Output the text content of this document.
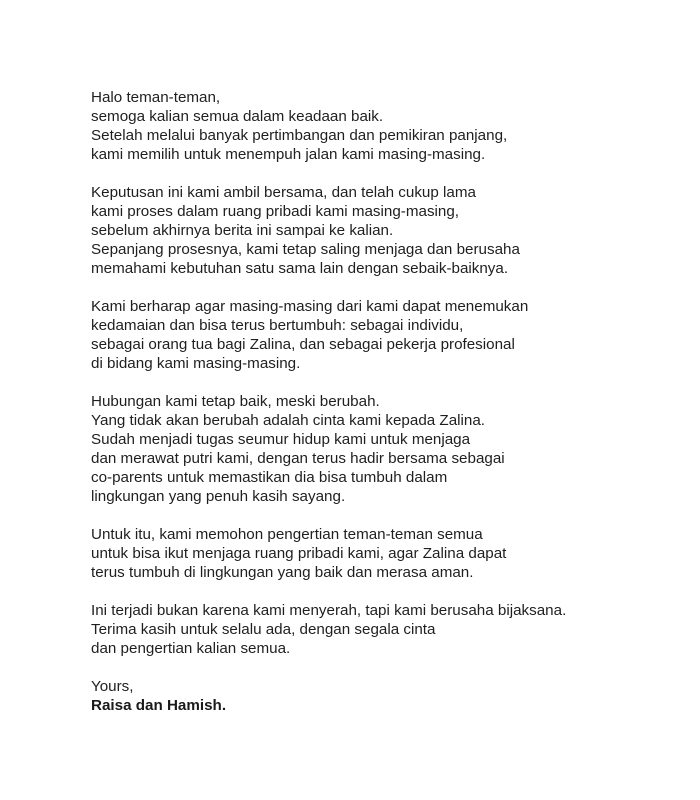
Halo teman-teman,
semoga kalian semua dalam keadaan baik.
Setelah melalui banyak pertimbangan dan pemikiran panjang,
kami memilih untuk menempuh jalan kami masing-masing.
Keputusan ini kami ambil bersama, dan telah cukup lama
kami proses dalam ruang pribadi kami masing-masing,
sebelum akhirnya berita ini sampai ke kalian.
Sepanjang prosesnya, kami tetap saling menjaga dan berusaha
memahami kebutuhan satu sama lain dengan sebaik-baiknya.
Kami berharap agar masing-masing dari kami dapat menemukan
kedamaian dan bisa terus bertumbuh: sebagai individu,
sebagai orang tua bagi Zalina, dan sebagai pekerja profesional
di bidang kami masing-masing.
Hubungan kami tetap baik, meski berubah.
Yang tidak akan berubah adalah cinta kami kepada Zalina.
Sudah menjadi tugas seumur hidup kami untuk menjaga
dan merawat putri kami, dengan terus hadir bersama sebagai
co-parents untuk memastikan dia bisa tumbuh dalam
lingkungan yang penuh kasih sayang.
Untuk itu, kami memohon pengertian teman-teman semua
untuk bisa ikut menjaga ruang pribadi kami, agar Zalina dapat
terus tumbuh di lingkungan yang baik dan merasa aman.
Ini terjadi bukan karena kami menyerah, tapi kami berusaha bijaksana.
Terima kasih untuk selalu ada, dengan segala cinta
dan pengertian kalian semua.
Yours,
Raisa dan Hamish.
